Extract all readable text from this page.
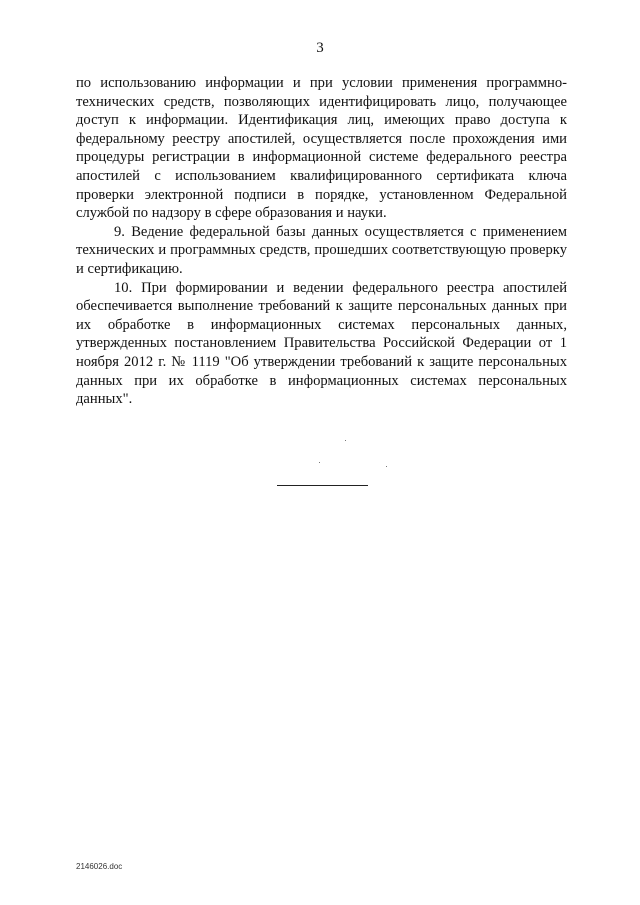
3

по использованию информации и при условии применения программно-технических средств, позволяющих идентифицировать лицо, получающее доступ к информации. Идентификация лиц, имеющих право доступа к федеральному реестру апостилей, осуществляется после прохождения ими процедуры регистрации в информационной системе федерального реестра апостилей с использованием квалифицированного сертификата ключа проверки электронной подписи в порядке, установленном Федеральной службой по надзору в сфере образования и науки.

9. Ведение федеральной базы данных осуществляется с применением технических и программных средств, прошедших соответствующую проверку и сертификацию.

10. При формировании и ведении федерального реестра апостилей обеспечивается выполнение требований к защите персональных данных при их обработке в информационных системах персональных данных, утвержденных постановлением Правительства Российской Федерации от 1 ноября 2012 г. № 1119 "Об утверждении требований к защите персональных данных при их обработке в информационных системах персональных данных".

2146026.doc
